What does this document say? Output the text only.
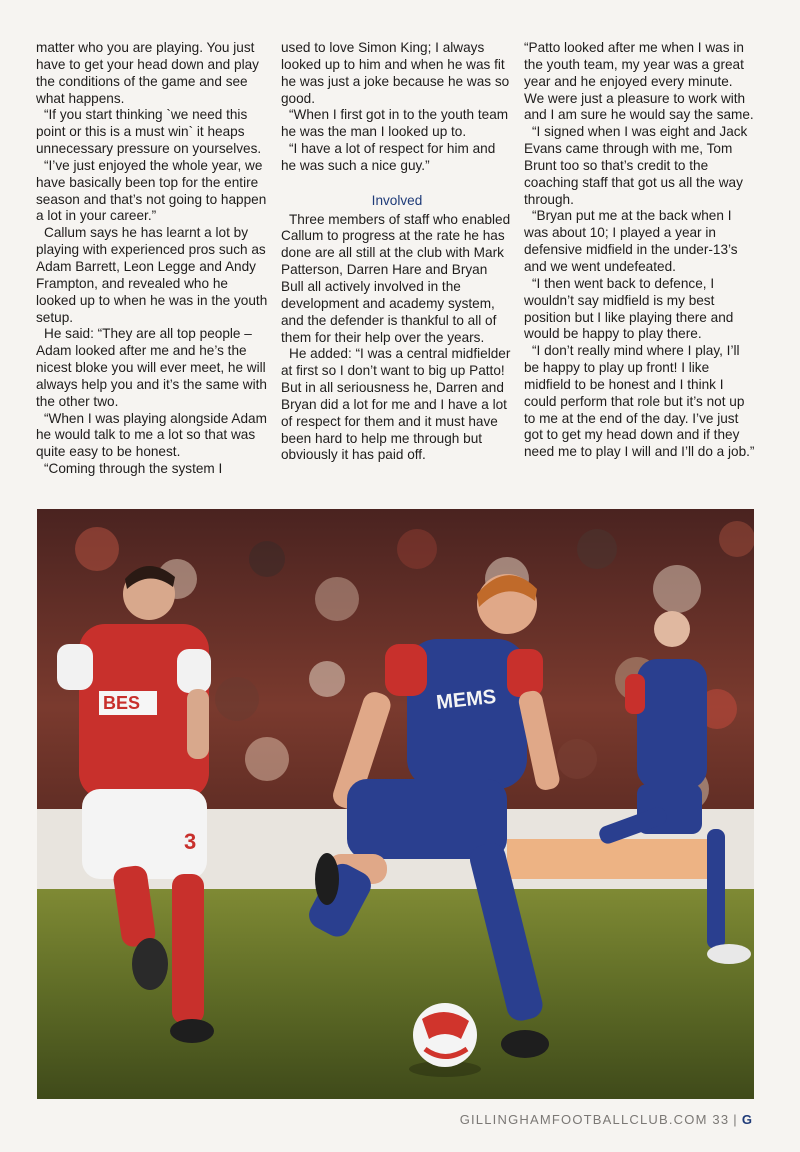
matter who you are playing. You just have to get your head down and play the conditions of the game and see what happens.

“If you start thinking `we need this point or this is a must win` it heaps unnecessary pressure on yourselves.

“I’ve just enjoyed the whole year, we have basically been top for the entire season and that’s not going to happen a lot in your career.”

Callum says he has learnt a lot by playing with experienced pros such as Adam Barrett, Leon Legge and Andy Frampton, and revealed who he looked up to when he was in the youth setup.

He said: “They are all top people – Adam looked after me and he’s the nicest bloke you will ever meet, he will always help you and it’s the same with the other two.

“When I was playing alongside Adam he would talk to me a lot so that was quite easy to be honest.

“Coming through the system I

used to love Simon King; I always looked up to him and when he was fit he was just a joke because he was so good.

“When I first got in to the youth team he was the man I looked up to.

“I have a lot of respect for him and he was such a nice guy.”

Involved

Three members of staff who enabled Callum to progress at the rate he has done are all still at the club with Mark Patterson, Darren Hare and Bryan Bull all actively involved in the development and academy system, and the defender is thankful to all of them for their help over the years.

He added: “I was a central midfielder at first so I don’t want to big up Patto! But in all seriousness he, Darren and Bryan did a lot for me and I have a lot of respect for them and it must have been hard to help me through but obviously it has paid off.

“Patto looked after me when I was in the youth team, my year was a great year and he enjoyed every minute. We were just a pleasure to work with and I am sure he would say the same.

“I signed when I was eight and Jack Evans came through with me, Tom Brunt too so that’s credit to the coaching staff that got us all the way through.

“Bryan put me at the back when I was about 10; I played a year in defensive midfield in the under-13’s and we went undefeated.

“I then went back to defence, I wouldn’t say midfield is my best position but I like playing there and would be happy to play there.

“I don’t really mind where I play, I’ll be happy to play up front! I like midfield to be honest and I think I could perform that role but it’s not up to me at the end of the day. I’ve just got to get my head down and if they need me to play I will and I’ll do a job.”

BES
3
MEMS
GILLINGHAMFOOTBALLCLUB.COM 33 | G
